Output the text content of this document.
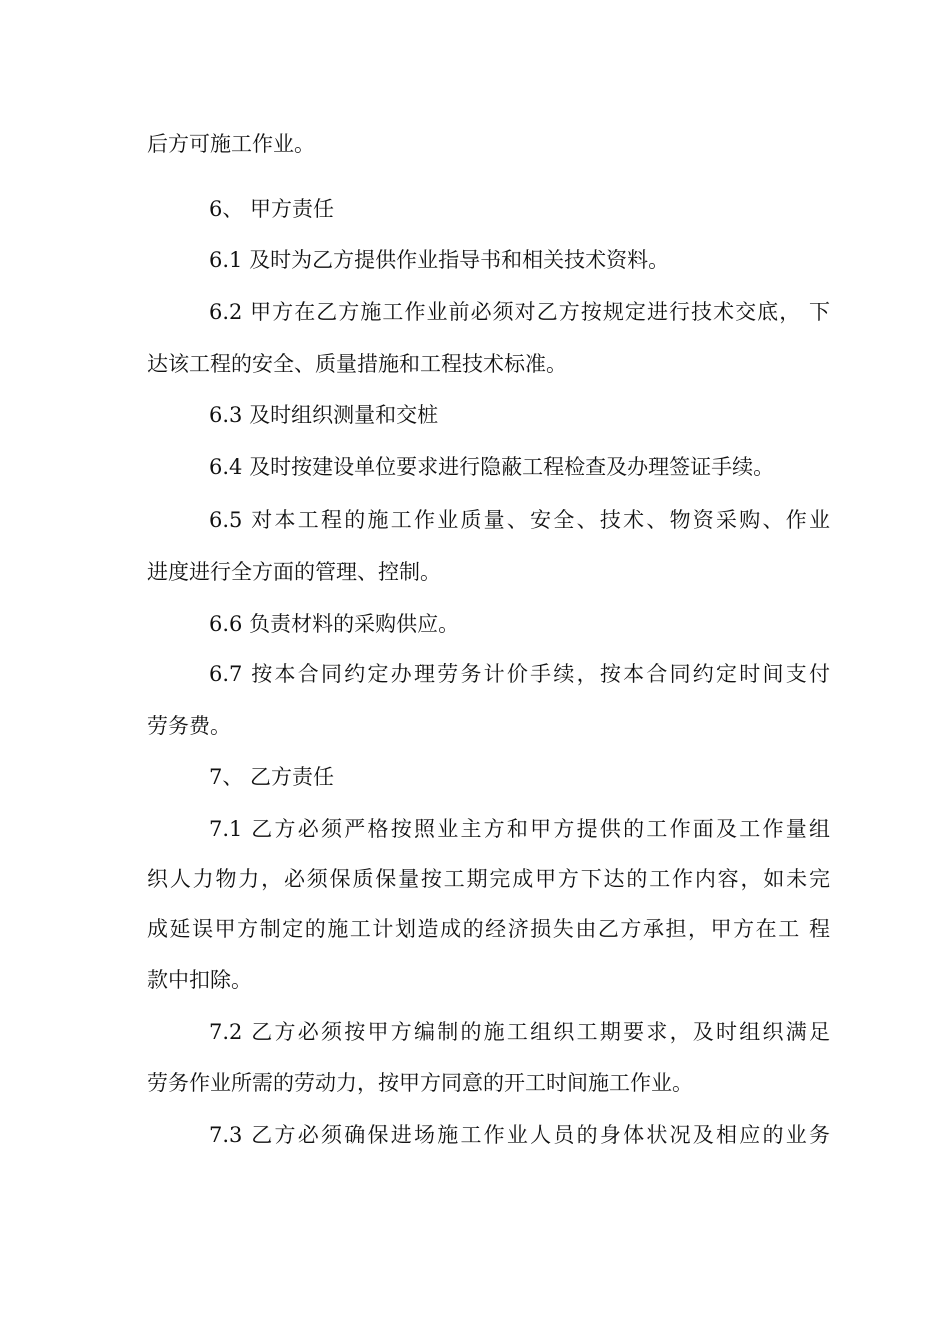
后方可施工作业。
6、 甲方责任
6.1 及时为乙方提供作业指导书和相关技术资料。
6.2 甲方在乙方施工作业前必须对乙方按规定进行技术交底， 下
达该工程的安全、质量措施和工程技术标准。
6.3 及时组织测量和交桩
6.4 及时按建设单位要求进行隐蔽工程检查及办理签证手续。
6.5 对本工程的施工作业质量、安全、技术、物资采购、作业
进度进行全方面的管理、控制。
6.6 负责材料的采购供应。
6.7 按本合同约定办理劳务计价手续，按本合同约定时间支付
劳务费。
7、 乙方责任
7.1 乙方必须严格按照业主方和甲方提供的工作面及工作量组
织人力物力，必须保质保量按工期完成甲方下达的工作内容，如未完
成延误甲方制定的施工计划造成的经济损失由乙方承担，甲方在工 程
款中扣除。
7.2 乙方必须按甲方编制的施工组织工期要求，及时组织满足
劳务作业所需的劳动力，按甲方同意的开工时间施工作业。
7.3 乙方必须确保进场施工作业人员的身体状况及相应的业务
